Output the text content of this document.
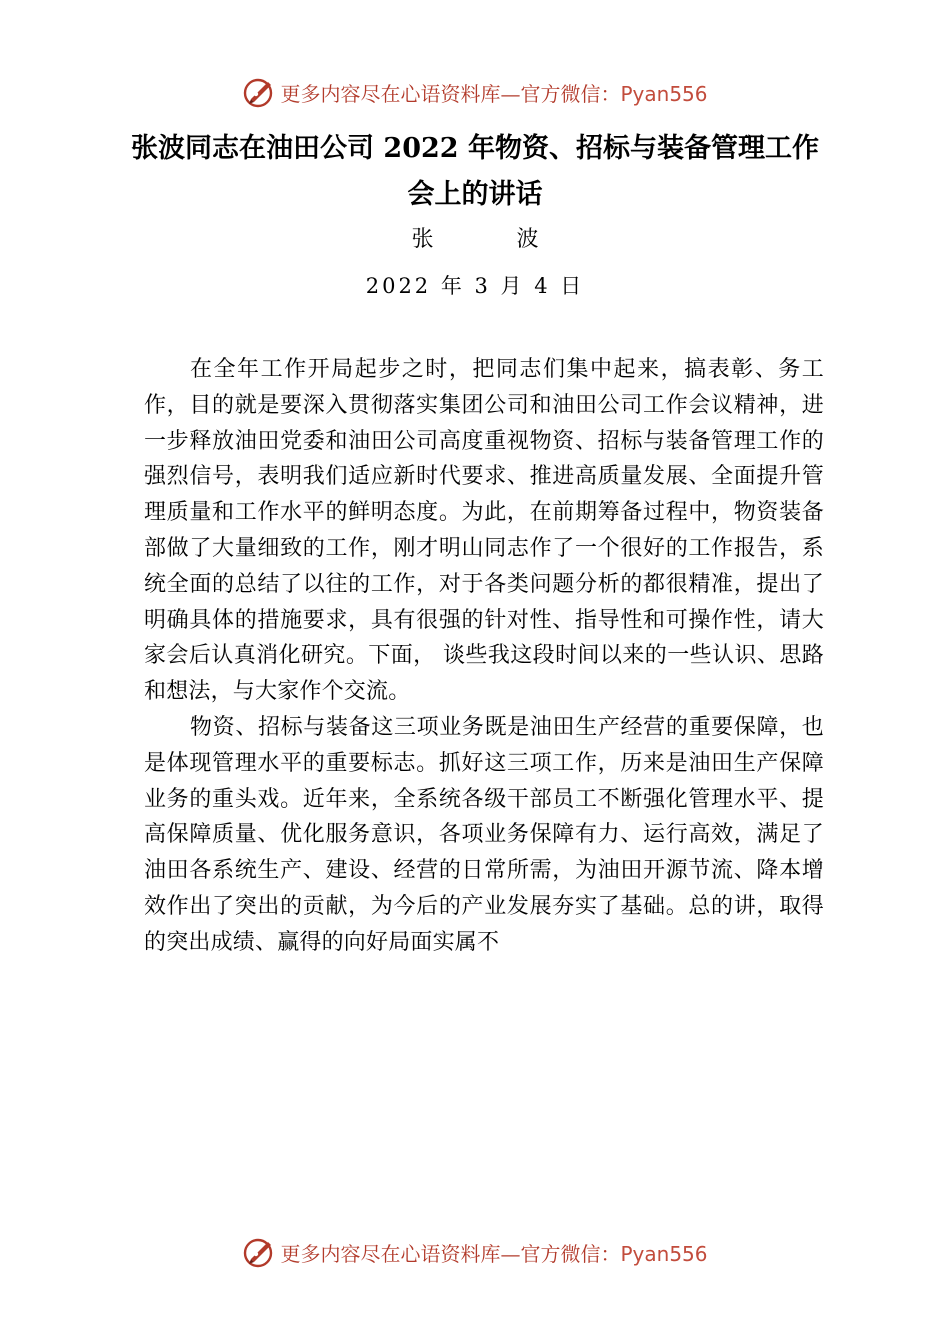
更多内容尽在心语资料库—官方微信：Pyan556
张波同志在油田公司 2022 年物资、招标与装备管理工作会上的讲话
张 波
2022 年 3 月 4 日

在全年工作开局起步之时，把同志们集中起来，搞表彰、务工作，目的就是要深入贯彻落实集团公司和油田公司工作会议精神，进一步释放油田党委和油田公司高度重视物资、招标与装备管理工作的强烈信号，表明我们适应新时代要求、推进高质量发展、全面提升管理质量和工作水平的鲜明态度。为此，在前期筹备过程中，物资装备部做了大量细致的工作，刚才明山同志作了一个很好的工作报告，系统全面的总结了以往的工作，对于各类问题分析的都很精准，提出了明确具体的措施要求，具有很强的针对性、指导性和可操作性，请大家会后认真消化研究。下面， 谈些我这段时间以来的一些认识、思路和想法，与大家作个交流。

物资、招标与装备这三项业务既是油田生产经营的重要保障，也是体现管理水平的重要标志。抓好这三项工作，历来是油田生产保障业务的重头戏。近年来，全系统各级干部员工不断强化管理水平、提高保障质量、优化服务意识，各项业务保障有力、运行高效，满足了油田各系统生产、建设、经营的日常所需，为油田开源节流、降本增效作出了突出的贡献，为今后的产业发展夯实了基础。总的讲，取得的突出成绩、赢得的向好局面实属不

更多内容尽在心语资料库—官方微信：Pyan556
